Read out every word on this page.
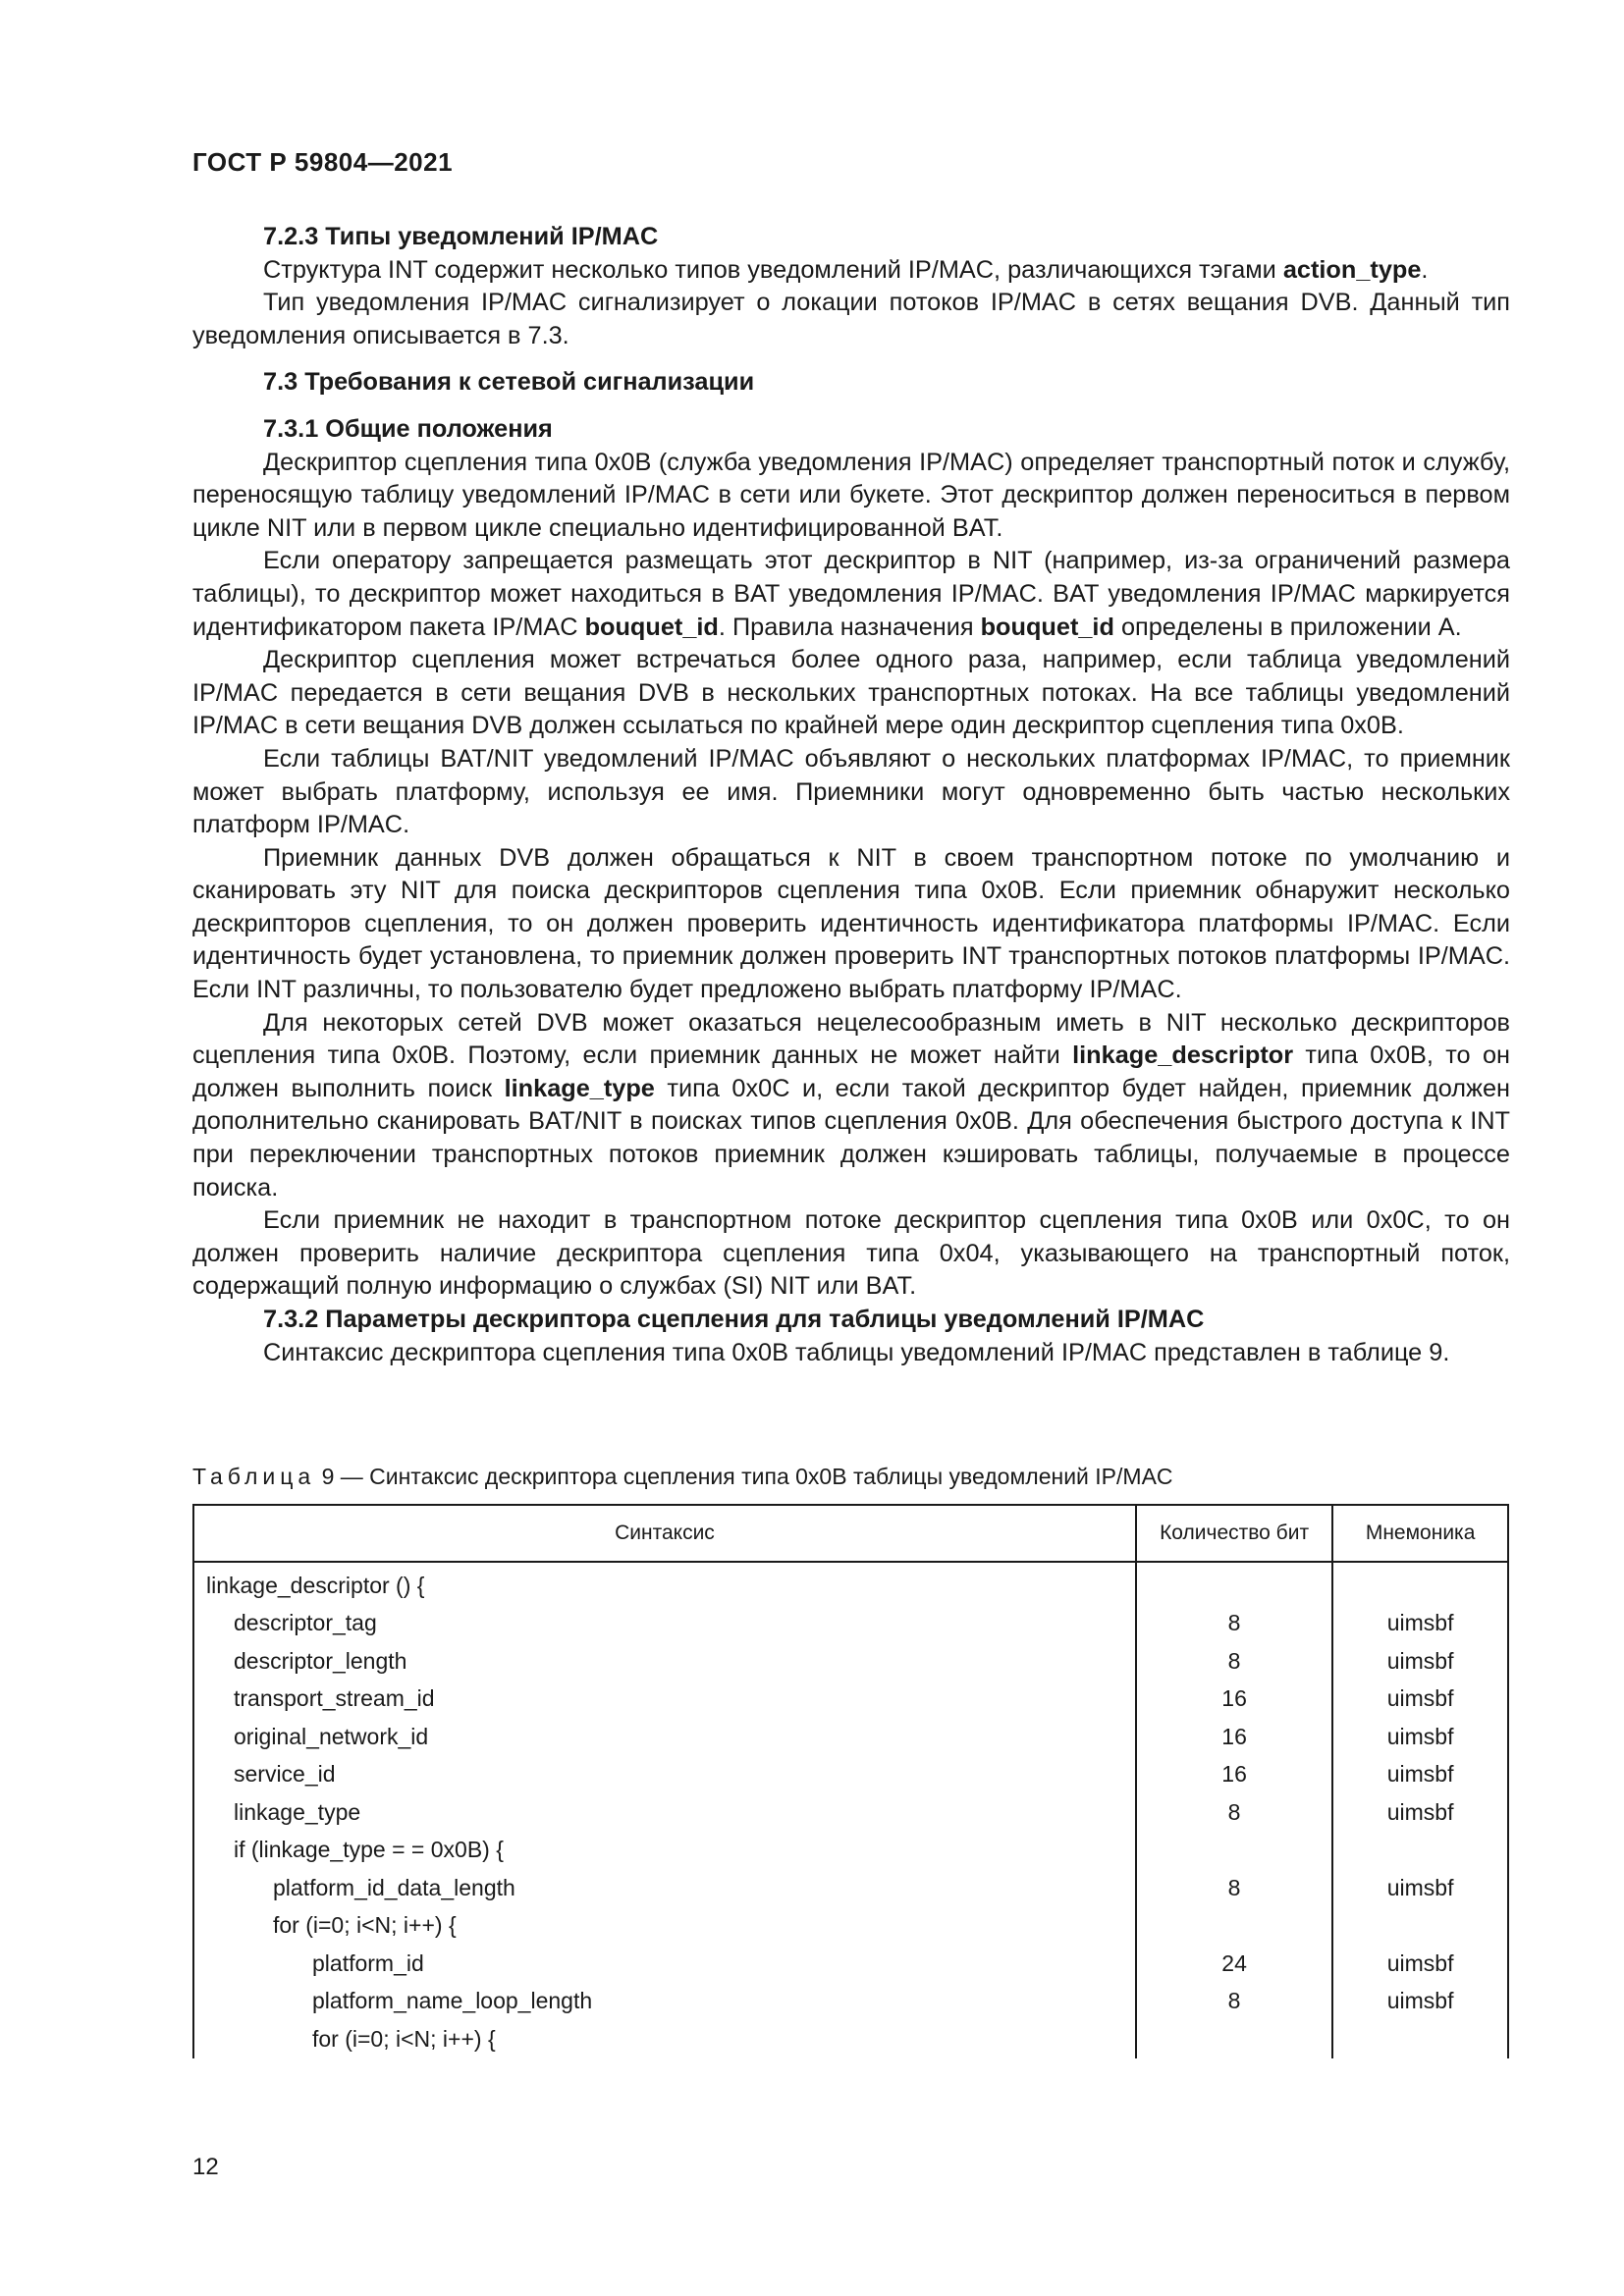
ГОСТ Р 59804—2021
7.2.3 Типы уведомлений IP/MAC

Структура INT содержит несколько типов уведомлений IP/MAC, различающихся тэгами action_type.

Тип уведомления IP/MAC сигнализирует о локации потоков IP/MAC в сетях вещания DVB. Данный тип уведомления описывается в 7.3.

7.3 Требования к сетевой сигнализации
7.3.1 Общие положения

Дескриптор сцепления типа 0x0B (служба уведомления IP/MAC) определяет транспортный поток и службу, переносящую таблицу уведомлений IP/MAC в сети или букете. Этот дескриптор должен переноситься в первом цикле NIT или в первом цикле специально идентифицированной BAT.

Если оператору запрещается размещать этот дескриптор в NIT (например, из-за ограничений размера таблицы), то дескриптор может находиться в BAT уведомления IP/MAC. BAT уведомления IP/MAC маркируется идентификатором пакета IP/MAC bouquet_id. Правила назначения bouquet_id определены в приложении A.

Дескриптор сцепления может встречаться более одного раза, например, если таблица уведомлений IP/MAC передается в сети вещания DVB в нескольких транспортных потоках. На все таблицы уведомлений IP/MAC в сети вещания DVB должен ссылаться по крайней мере один дескриптор сцепления типа 0x0B.

Если таблицы BAT/NIT уведомлений IP/MAC объявляют о нескольких платформах IP/MAC, то приемник может выбрать платформу, используя ее имя. Приемники могут одновременно быть частью нескольких платформ IP/MAC.

Приемник данных DVB должен обращаться к NIT в своем транспортном потоке по умолчанию и сканировать эту NIT для поиска дескрипторов сцепления типа 0x0B. Если приемник обнаружит несколько дескрипторов сцепления, то он должен проверить идентичность идентификатора платформы IP/MAC. Если идентичность будет установлена, то приемник должен проверить INT транспортных потоков платформы IP/MAC. Если INT различны, то пользователю будет предложено выбрать платформу IP/MAC.

Для некоторых сетей DVB может оказаться нецелесообразным иметь в NIT несколько дескрипторов сцепления типа 0x0B. Поэтому, если приемник данных не может найти linkage_descriptor типа 0x0B, то он должен выполнить поиск linkage_type типа 0x0C и, если такой дескриптор будет найден, приемник должен дополнительно сканировать BAT/NIT в поисках типов сцепления 0x0B. Для обеспечения быстрого доступа к INT при переключении транспортных потоков приемник должен кэшировать таблицы, получаемые в процессе поиска.

Если приемник не находит в транспортном потоке дескриптор сцепления типа 0x0B или 0x0C, то он должен проверить наличие дескриптора сцепления типа 0x04, указывающего на транспортный поток, содержащий полную информацию о службах (SI) NIT или BAT.

7.3.2 Параметры дескриптора сцепления для таблицы уведомлений IP/MAC

Синтаксис дескриптора сцепления типа 0x0B таблицы уведомлений IP/MAC представлен в таблице 9.

Таблица 9 — Синтаксис дескриптора сцепления типа 0x0B таблицы уведомлений IP/MAC
Синтаксис	Количество бит	Мнемоника
linkage_descriptor () {		
descriptor_tag	8	uimsbf
descriptor_length	8	uimsbf
transport_stream_id	16	uimsbf
original_network_id	16	uimsbf
service_id	16	uimsbf
linkage_type	8	uimsbf
if (linkage_type = = 0x0B) {		
platform_id_data_length	8	uimsbf
for (i=0; i<N; i++) {		
platform_id	24	uimsbf
platform_name_loop_length	8	uimsbf
for (i=0; i<N; i++) {		
12
